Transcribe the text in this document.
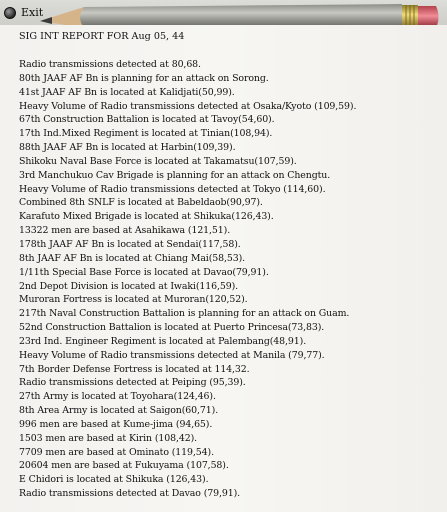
Exit
SIG INT REPORT FOR Aug 05, 44
Radio transmissions detected at 80,68.
80th JAAF AF Bn is planning for an attack on Sorong.
41st JAAF AF Bn is located at Kalidjati(50,99).
Heavy Volume of Radio transmissions detected at Osaka/Kyoto (109,59).
67th Construction Battalion is located at Tavoy(54,60).
17th Ind.Mixed Regiment is located at Tinian(108,94).
88th JAAF AF Bn is located at Harbin(109,39).
Shikoku Naval Base Force is located at Takamatsu(107,59).
3rd Manchukuo Cav Brigade is planning for an attack on Chengtu.
Heavy Volume of Radio transmissions detected at Tokyo (114,60).
Combined 8th SNLF is located at Babeldaob(90,97).
Karafuto Mixed Brigade is located at Shikuka(126,43).
13322 men are based at Asahikawa (121,51).
178th JAAF AF Bn is located at Sendai(117,58).
8th JAAF AF Bn is located at Chiang Mai(58,53).
1/11th Special Base Force is located at Davao(79,91).
2nd Depot Division is located at Iwaki(116,59).
Muroran Fortress is located at Muroran(120,52).
217th Naval Construction Battalion is planning for an attack on Guam.
52nd Construction Battalion is located at Puerto Princesa(73,83).
23rd Ind. Engineer Regiment is located at Palembang(48,91).
Heavy Volume of Radio transmissions detected at Manila (79,77).
7th Border Defense Fortress is located at 114,32.
Radio transmissions detected at Peiping (95,39).
27th Army is located at Toyohara(124,46).
8th Area Army is located at Saigon(60,71).
996 men are based at Kume-jima (94,65).
1503 men are based at Kirin (108,42).
7709 men are based at Ominato (119,54).
20604 men are based at Fukuyama (107,58).
E Chidori is located at Shikuka (126,43).
Radio transmissions detected at Davao (79,91).
